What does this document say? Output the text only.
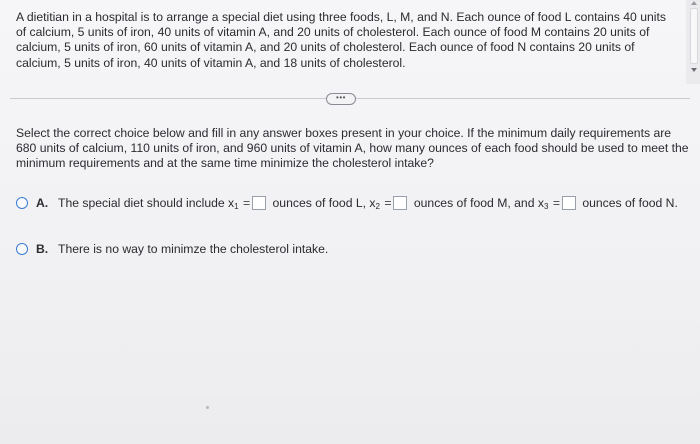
A dietitian in a hospital is to arrange a special diet using three foods, L, M, and N. Each ounce of food L contains 40 units of calcium, 5 units of iron, 40 units of vitamin A, and 20 units of cholesterol. Each ounce of food M contains 20 units of calcium, 5 units of iron, 60 units of vitamin A, and 20 units of cholesterol. Each ounce of food N contains 20 units of calcium, 5 units of iron, 40 units of vitamin A, and 18 units of cholesterol.
•••
Select the correct choice below and fill in any answer boxes present in your choice. If the minimum daily requirements are 680 units of calcium, 110 units of iron, and 960 units of vitamin A, how many ounces of each food should be used to meet the minimum requirements and at the same time minimize the cholesterol intake?
A. The special diet should include $x_1$ = ounces of food L, $x_2$ = ounces of food M, and $x_3$ = ounces of food N.
B. There is no way to minimze the cholesterol intake.
